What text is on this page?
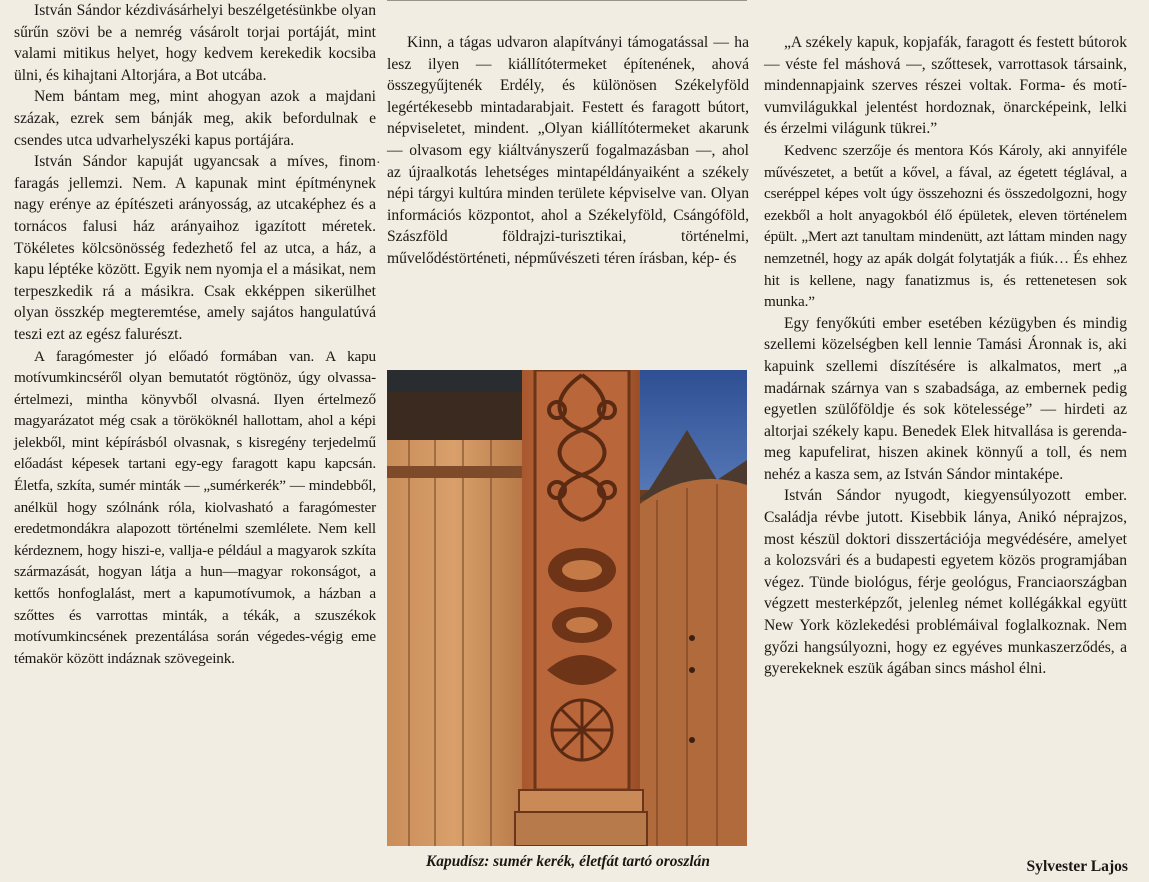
István Sándor kézdivásárhelyi beszélgetésünkbe olyan sűrűn szövi be a nemrég vásárolt torjai portáját, mint valami mitikus helyet, hogy kedvem kerekedik kocsiba ülni, és kihajtani Altorjára, a Bot utcába.

Nem bántam meg, mint ahogyan azok a majdani százak, ezrek sem bánják meg, akik befordulnak e csendes utca udvarhelyszéki kapus portájára.

István Sándor kapuját ugyancsak a míves, finom faragás jellemzi. Nem. A kapunak mint építménynek nagy erénye az építészeti arányosság, az utcaképhez és a tornácos falusi ház arányaihoz igazított méretek. Tökéletes kölcsönösség fedezhető fel az utca, a ház, a kapu léptéke között. Egyik nem nyomja el a másikat, nem terpeszkedik rá a másikra. Csak ekképpen sikerülhet olyan összkép megteremtése, amely sajátos hangulatúvá teszi ezt az egész falurészt.

A faragómester jó előadó formában van. A kapu motívumkincséről olyan bemutatót rögtönöz, úgy olvassa-értelmezi, mintha könyvből olvasná. Ilyen értelmező magyarázatot még csak a törököknél hallottam, ahol a képi jelekből, mint képírásból olvasnak, s kisregény terjedelmű előadást képesek tartani egy-egy faragott kapu kapcsán. Életfa, szkíta, sumér minták — „sumérkerék” — mindebből, anélkül hogy szólnánk róla, kiolvasható a faragómester eredetmondákra alapozott történelmi szemlélete. Nem kell kérdeznem, hogy hiszi-e, vallja-e például a magyarok szkíta származását, hogyan látja a hun—magyar rokonságot, a kettős honfoglalást, mert a kapumotívumok, a házban a szőttes és varrottas minták, a tékák, a szuszékok motívumkincsének prezentálása során végedes-végig eme témakör között indáznak szövegeink.

·

Kinn, a tágas udvaron alapítványi támogatással — ha lesz ilyen — kiállítótermeket építenének, ahová összegyűjtenék Erdély, és különösen Székelyföld legértékesebb mintadarabjait. Festett és faragott bútort, népviseletet, mindent. „Olyan kiállítótermeket akarunk — olvasom egy kiáltványszerű fogalmazásban —, ahol az újraalkotás lehetséges mintapéldányaiként a székely népi tárgyi kultúra minden területe képviselve van. Olyan információs központot, ahol a Székelyföld, Csángóföld, Szászföld földrajzi-turisztikai, történelmi, művelődéstörténeti, népművészeti téren írásban, kép- és

Kapudísz: sumér kerék, életfát tartó oroszlán

„A székely kapuk, kopjafák, faragott és festett bútorok — véste fel máshová —, szőttesek, varrottasok társaink, mindennapjaink szerves részei voltak. Forma- és motívumvilágukkal jelentést hordoznak, önarcképeink, lelki és érzelmi világunk tükrei.”

Kedvenc szerzője és mentora Kós Károly, aki annyiféle művészetet, a betűt a kővel, a fával, az égetett téglával, a cseréppel képes volt úgy összehozni és összedolgozni, hogy ezekből a holt anyagokból élő épületek, eleven történelem épült. „Mert azt tanultam mindenütt, azt láttam minden nagy nemzetnél, hogy az apák dolgát folytatják a fiúk… És ehhez hit is kellene, nagy fanatizmus is, és rettenetesen sok munka.”

Egy fenyőkúti ember esetében kézügyben és mindig szellemi közelségben kell lennie Tamási Áronnak is, aki kapuink szellemi díszítésére is alkalmatos, mert „a madárnak szárnya van s szabadsága, az embernek pedig egyetlen szülőföldje és sok kötelessége” — hirdeti az altorjai székely kapu. Benedek Elek hitvallása is gerenda- meg kapufelirat, hiszen akinek könnyű a toll, és nem nehéz a kasza sem, az István Sándor mintaképe.

István Sándor nyugodt, kiegyensúlyozott ember. Családja révbe jutott. Kisebbik lánya, Anikó néprajzos, most készül doktori disszertációja megvédésére, amelyet a kolozsvári és a budapesti egyetem közös programjában végez. Tünde biológus, férje geológus, Franciaországban végzett mesterképzőt, jelenleg német kollégákkal együtt New York közlekedési problémáival foglalkoznak. Nem győzi hangsúlyozni, hogy ez egyéves munkaszerződés, a gyerekeknek eszük ágában sincs máshol élni.

Sylvester Lajos
